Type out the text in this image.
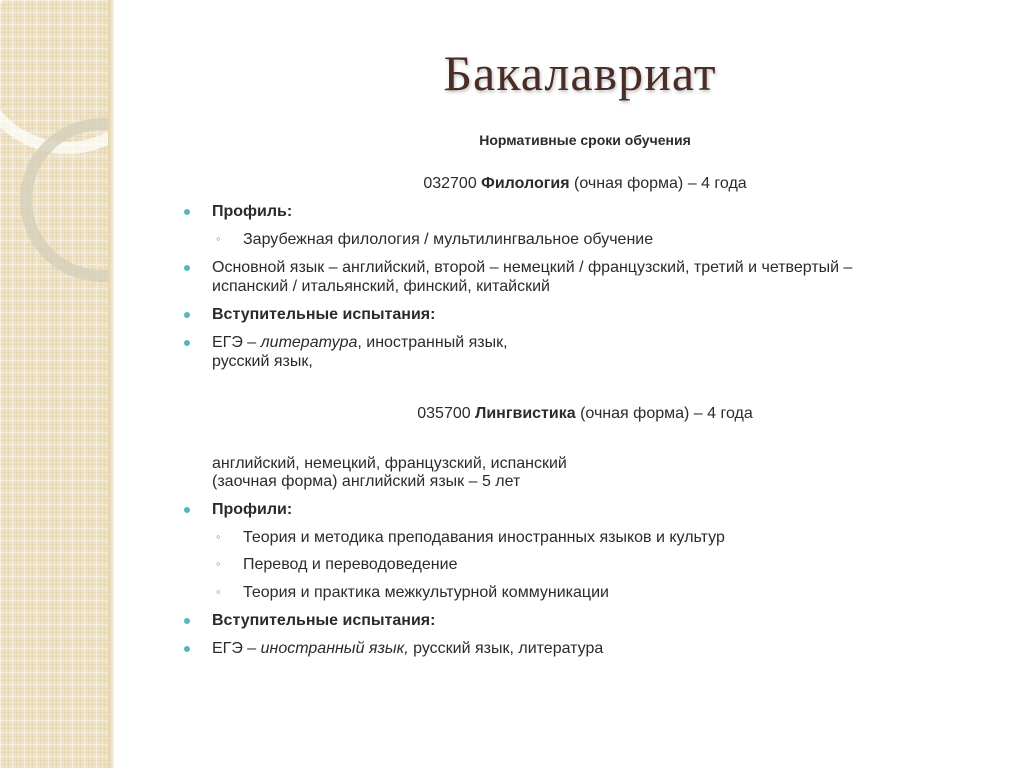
Бакалавриат
Нормативные сроки обучения
032700 Филология (очная форма) – 4 года
Профиль:
◦ Зарубежная филология / мультилингвальное обучение
Основной язык – английский, второй – немецкий / французский, третий и четвертый –
испанский / итальянский, финский, китайский
Вступительные испытания:
ЕГЭ – литература, иностранный язык,
русский язык,
035700 Лингвистика (очная форма) – 4 года
английский, немецкий, французский, испанский
(заочная форма) английский язык – 5 лет
Профили:
◦ Теория и методика преподавания иностранных языков и культур
◦ Перевод и переводоведение
◦ Теория и практика межкультурной коммуникации
Вступительные испытания:
ЕГЭ – иностранный язык, русский язык, литература
